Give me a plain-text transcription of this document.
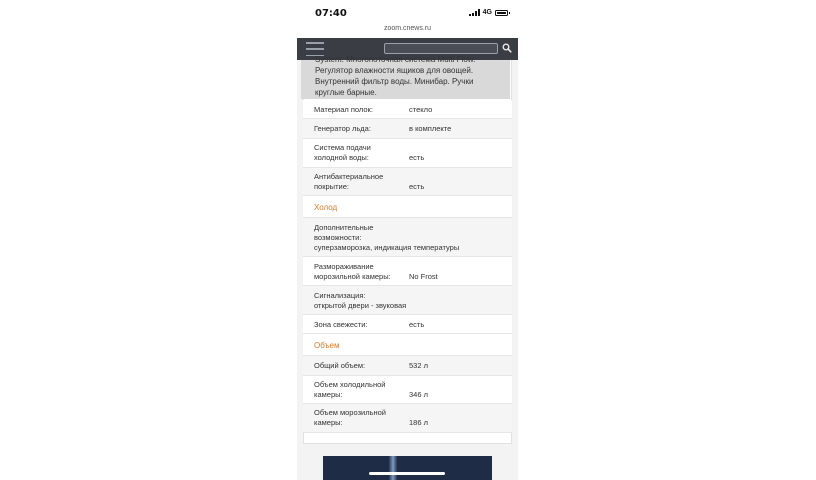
07:40	4G
zoom.cnews.ru

System. Многопоточная система Multi Flow. Регулятор влажности ящиков для овощей. Внутренний фильтр воды. Минибар. Ручки круглые барные.

Материал полок:	стекло
Генератор льда:	в комплекте
Система подачи
холодной воды:	есть
Антибактериальное
покрытие:	есть
Холод
Дополнительные
возможности:
суперзаморозка, индикация температуры
Размораживание
морозильной камеры: No Frost
Сигнализация:
открытой двери - звуковая
Зона свежести:	есть
Объем
Общий объем:	532 л
Объем холодильной
камеры:	346 л
Объем морозильной
камеры:	186 л
